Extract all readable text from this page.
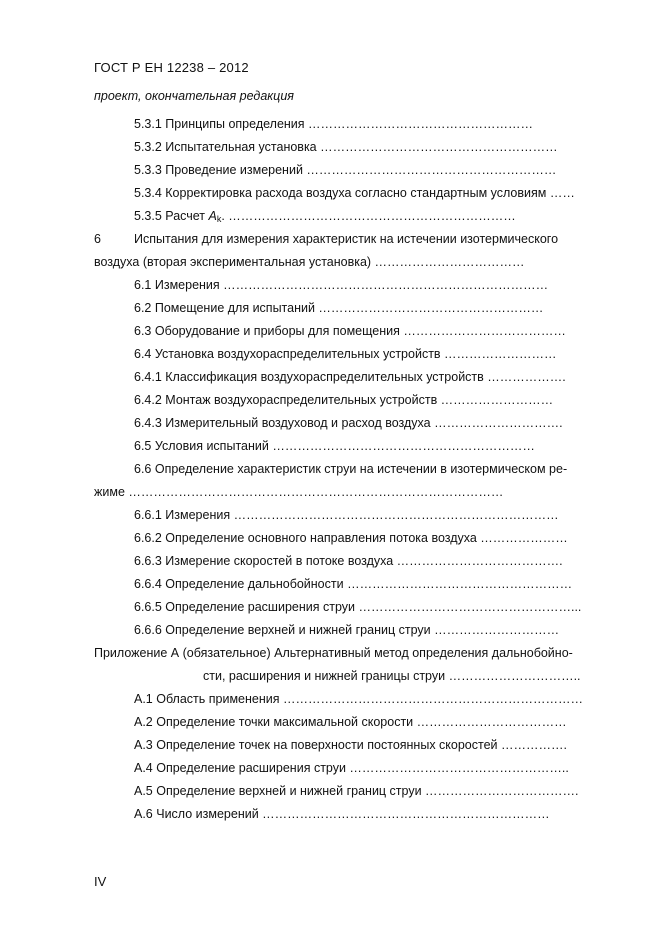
ГОСТ Р ЕН 12238 – 2012
проект, окончательная редакция
5.3.1 Принципы определения ………………………………………………
5.3.2 Испытательная установка …………………………………………………
5.3.3 Проведение измерений ……………………………………………………
5.3.4 Корректировка расхода воздуха согласно стандартным условиям ……
5.3.5 Расчет $A_k$. ……………………………………………………………
6	Испытания для измерения характеристик на истечении изотермического
воздуха (вторая экспериментальная установка) ………………………………
6.1 Измерения ……………………………………………………………………
6.2 Помещение для испытаний ………………………………………………
6.3 Оборудование и приборы для помещения …………………………………
6.4 Установка воздухораспределительных устройств ………………………
6.4.1 Классификация воздухораспределительных устройств ……………….
6.4.2 Монтаж воздухораспределительных устройств ………………………
6.4.3 Измерительный воздуховод и расход воздуха ………………………….
6.5 Условия испытаний ………………………………………………………
6.6 Определение характеристик струи на истечении в изотермическом ре-
жиме ………………………………………………………………………………
6.6.1 Измерения ……………………………………………………………………
6.6.2 Определение основного направления потока воздуха …………………
6.6.3 Измерение скоростей в потоке воздуха ………………………………….
6.6.4 Определение дальнобойности ………………………………………………
6.6.5 Определение расширения струи ……………………………………………...
6.6.6 Определение верхней и нижней границ струи …………………………
Приложение А (обязательное) Альтернативный метод определения дальнобойно-
сти, расширения и нижней границы струи …………………………..
А.1 Область применения ………………………………………………………………
А.2 Определение точки максимальной скорости ………………………………
А.3 Определение точек на поверхности постоянных скоростей …………….
А.4 Определение расширения струи ……………………………………………..
А.5 Определение верхней и нижней границ струи ……………………………….
А.6 Число измерений ……………………………………………………………
IV
